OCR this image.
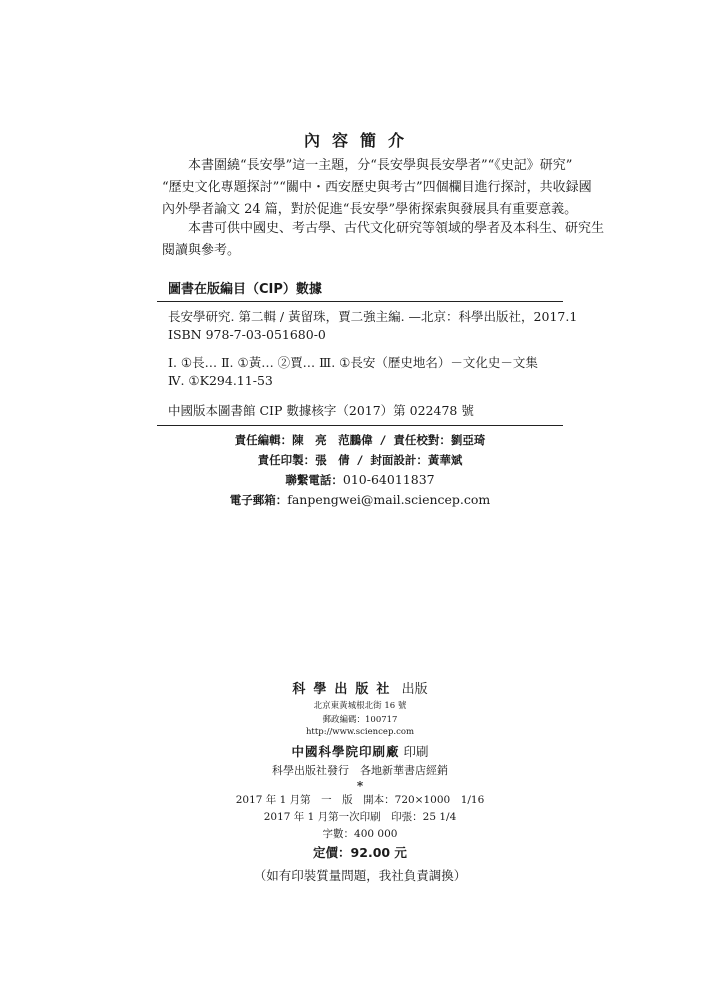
內容簡介
本書圍繞“長安學”這一主題，分“長安學與長安學者”“《史記》研究”
“歷史文化專題探討”“關中・西安歷史與考古”四個欄目進行探討，共收録國
內外學者論文 24 篇，對於促進“長安學”學術探索與發展具有重要意義。
本書可供中國史、考古學、古代文化研究等領域的學者及本科生、研究生
閱讀與參考。
圖書在版編目（CIP）數據
長安學研究. 第二輯 / 黃留珠，賈二強主編. —北京：科學出版社，2017.1
ISBN 978-7-03-051680-0
Ⅰ. ①長… Ⅱ. ①黃… ②賈… Ⅲ. ①長安（歷史地名）－文化史－文集
Ⅳ. ①K294.11-53
中國版本圖書館 CIP 數據核字（2017）第 022478 號
責任編輯：陳　亮　范鵬偉 / 責任校對：劉亞琦
責任印製：張　倩 / 封面設計：黃華斌
聯繫電話：010-64011837
電子郵箱：fanpengwei@mail.sciencep.com
科學出版社 出版
北京東黃城根北街 16 號
郵政編碼：100717
http://www.sciencep.com
中國科學院印刷廠 印刷
科學出版社發行　各地新華書店經銷
*
2017 年 1 月第　一　版　開本：720×1000　1/16
2017 年 1 月第一次印刷　印張：25 1/4
字數：400 000
定價：92.00 元
（如有印裝質量問題，我社負責調換）
